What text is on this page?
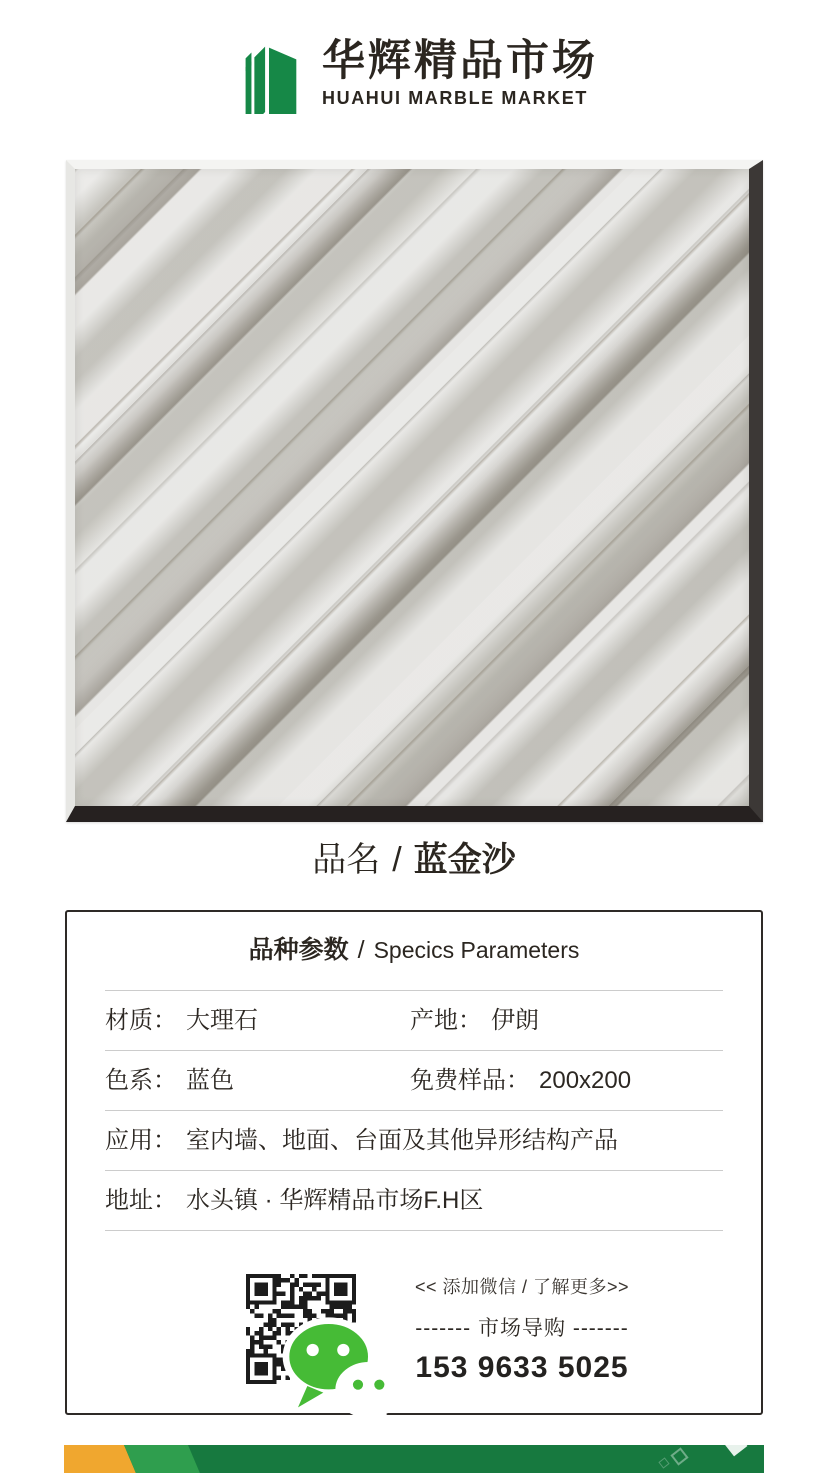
华辉精品市场
HUAHUI MARBLE MARKET
品名 / 蓝金沙
品种参数 / Specics Parameters
材质： 大理石	产地： 伊朗
色系： 蓝色	免费样品： 200x200
应用： 室内墙、地面、台面及其他异形结构产品
地址： 水头镇 · 华辉精品市场F.H区
<< 添加微信 / 了解更多>>
------- 市场导购 -------
153 9633 5025
